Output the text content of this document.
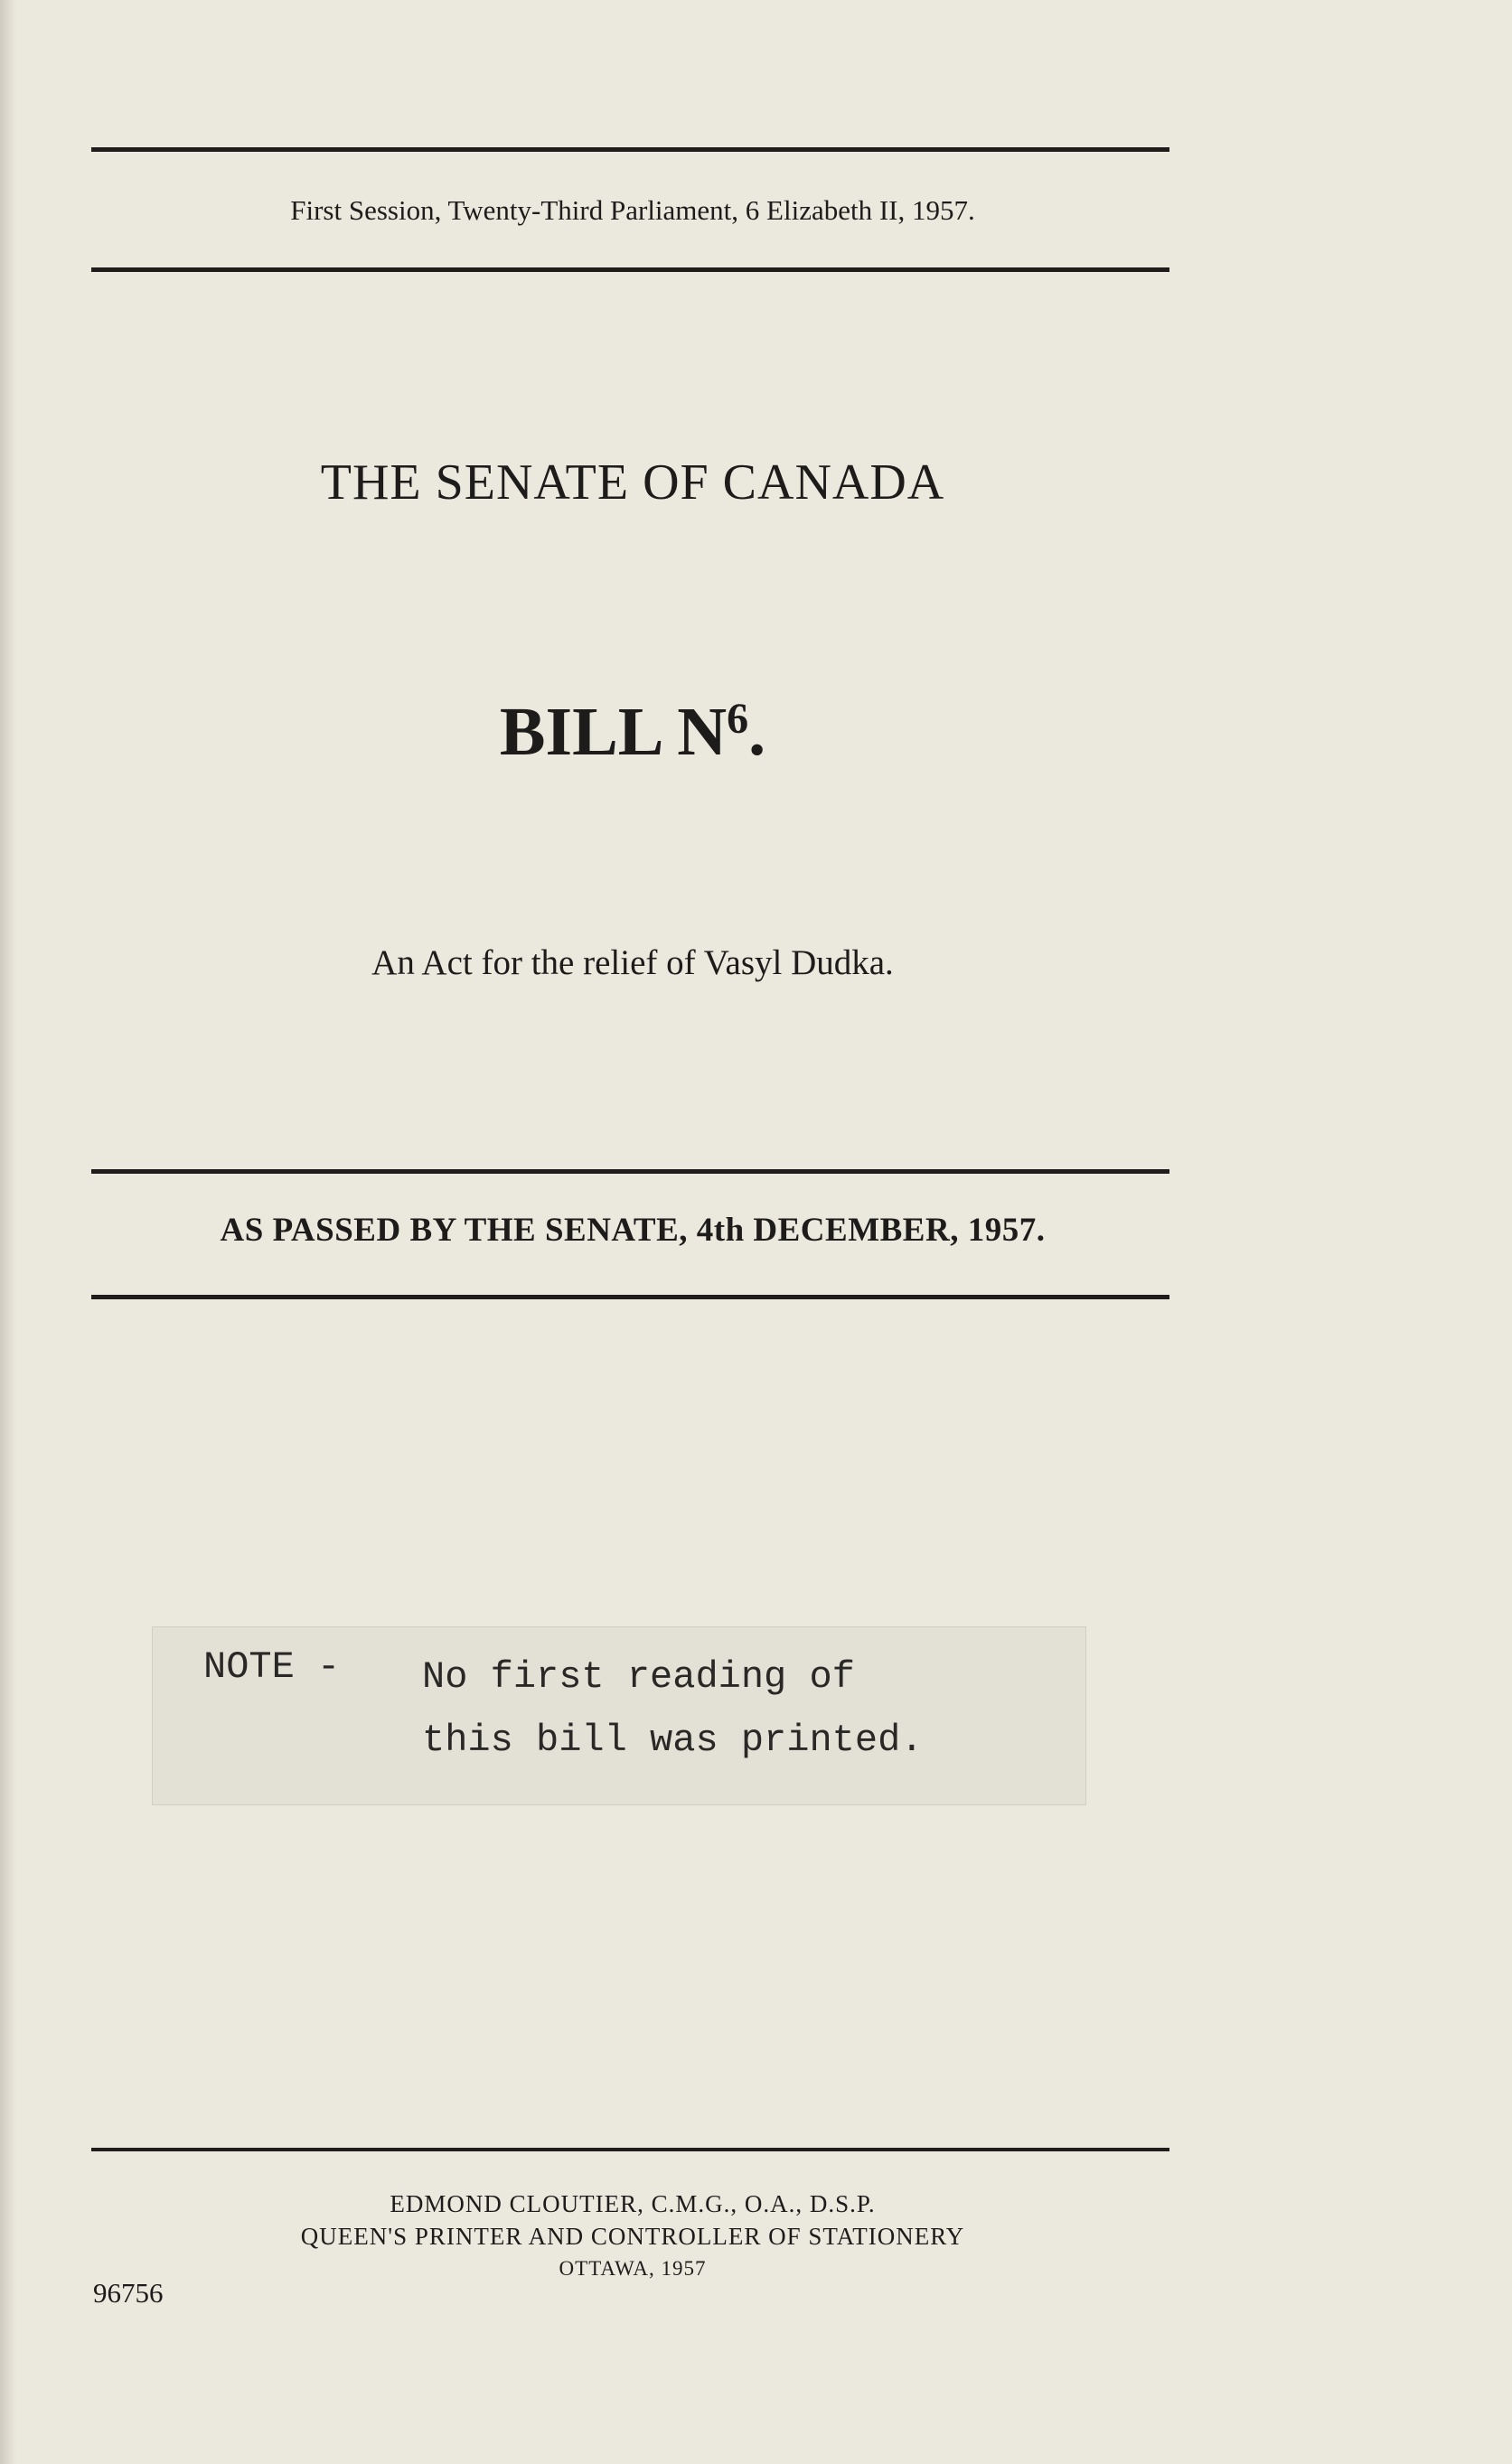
First Session, Twenty-Third Parliament, 6 Elizabeth II, 1957.
THE SENATE OF CANADA
BILL $N^6$.
An Act for the relief of Vasyl Dudka.
AS PASSED BY THE SENATE, 4th DECEMBER, 1957.
NOTE - No first reading of
this bill was printed.
EDMOND CLOUTIER, C.M.G., O.A., D.S.P.
QUEEN'S PRINTER AND CONTROLLER OF STATIONERY
OTTAWA, 1957
96756
